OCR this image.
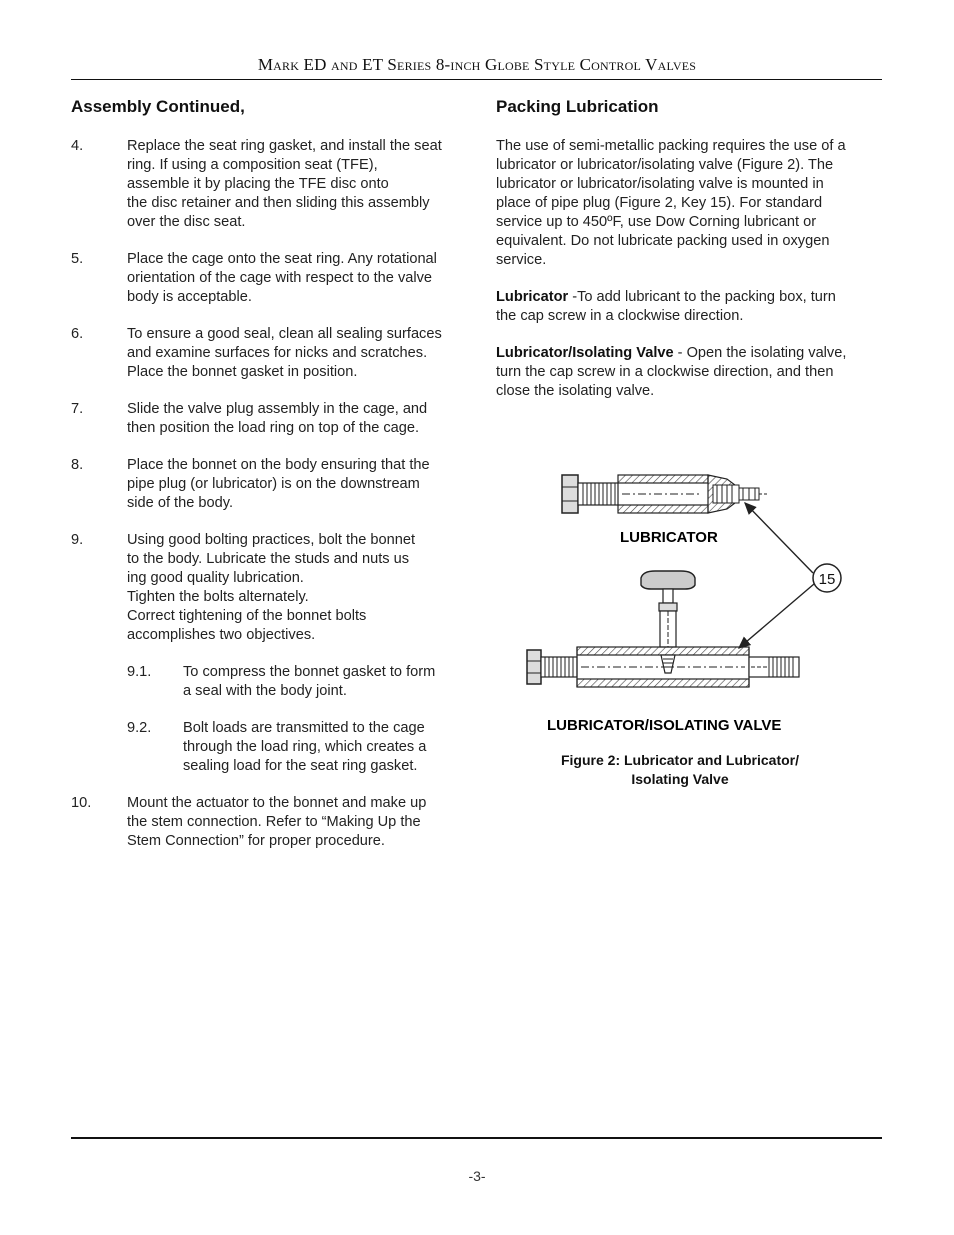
Mark ED and ET Series 8-inch Globe Style Control Valves
Assembly Continued,
4.	Replace the seat ring gasket, and install the seat
ring. If using a composition seat (TFE),
assemble it by placing the TFE disc onto
the disc retainer and then sliding this assembly
over the disc seat.
5.	Place the cage onto the seat ring. Any rotational
orientation of the cage with respect to the valve
body is acceptable.
6.	To ensure a good seal, clean all sealing surfaces
and examine surfaces for nicks and scratches.
Place the bonnet gasket in position.
7.	Slide the valve plug assembly in the cage, and
then position the load ring on top of the cage.
8.	Place the bonnet on the body ensuring that the
pipe plug (or lubricator) is on the downstream
side of the body.
9.	Using good bolting practices, bolt the bonnet
to the body. Lubricate the studs and nuts us
ing good quality lubrication.
Tighten the bolts alternately.
Correct tightening of the bonnet bolts
accomplishes two objectives.
9.1. To compress the bonnet gasket to form
a seal with the body joint.
9.2. Bolt loads are transmitted to the cage
through the load ring, which creates a
sealing load for the seat ring gasket.
10. Mount the actuator to the bonnet and make up
the stem connection. Refer to “Making Up the
Stem Connection” for proper procedure.
Packing Lubrication

The use of semi-metallic packing requires the use of a
lubricator or lubricator/isolating valve (Figure 2). The
lubricator or lubricator/isolating valve is mounted in
place of pipe plug (Figure 2, Key 15). For standard
service up to 450ºF, use Dow Corning lubricant or
equivalent. Do not lubricate packing used in oxygen
service.

Lubricator -To add lubricant to the packing box, turn
the cap screw in a clockwise direction.

Lubricator/Isolating Valve - Open the isolating valve,
turn the cap screw in a clockwise direction, and then
close the isolating valve.

LUBRICATOR
LUBRICATOR/ISOLATING VALVE
15
Figure 2: Lubricator and Lubricator/
Isolating Valve
-3-
